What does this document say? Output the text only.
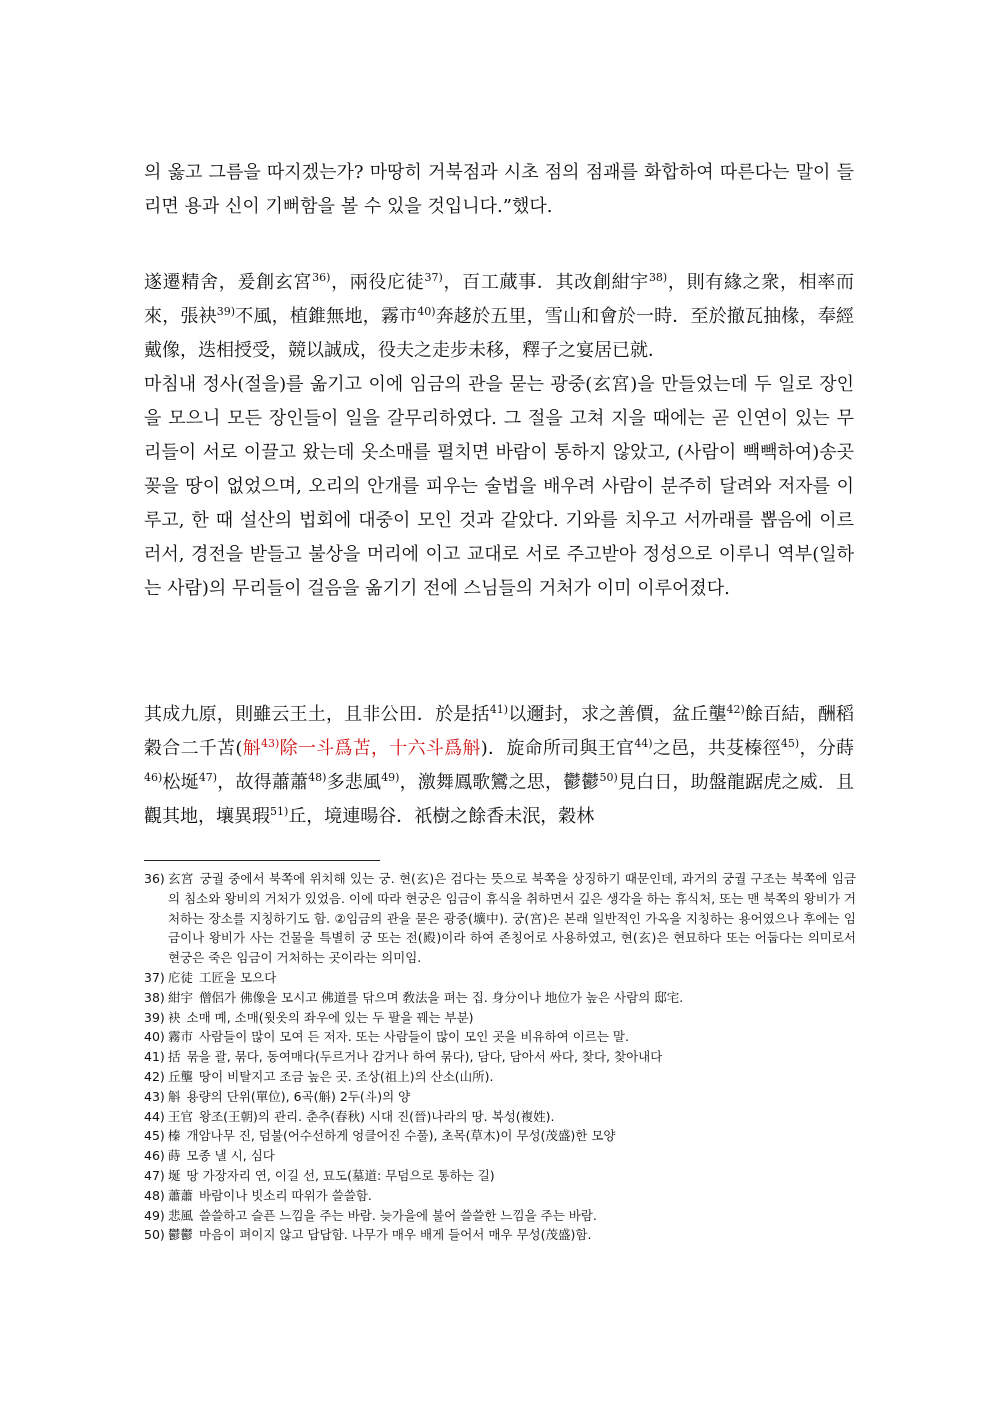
의 옳고 그름을 따지겠는가? 마땅히 거북점과 시초 점의 점괘를 화합하여 따른다는 말이 들리면 용과 신이 기뻐함을 볼 수 있을 것입니다.”했다.

遂遷精舍，爰創玄宮$^{36)}$，兩役庀徒$^{37)}$，百工蕆事．其改創紺宇$^{38)}$，則有緣之衆，相率而來，張袂$^{39)}$不風，植錐無地，霧市$^{40)}$奔趍於五里，雪山和會於一時．至於撤瓦抽椽，奉經戴像，迭相授受，競以誠成，役夫之走步未移，釋子之宴居已就．

마침내 정사(절을)를 옮기고 이에 임금의 관을 묻는 광중(玄宮)을 만들었는데 두 일로 장인을 모으니 모든 장인들이 일을 갈무리하였다. 그 절을 고쳐 지을 때에는 곧 인연이 있는 무리들이 서로 이끌고 왔는데 옷소매를 펼치면 바람이 통하지 않았고, (사람이 빽빽하여)송곳 꽂을 땅이 없었으며, 오리의 안개를 피우는 술법을 배우려 사람이 분주히 달려와 저자를 이루고, 한 때 설산의 법회에 대중이 모인 것과 같았다. 기와를 치우고 서까래를 뽑음에 이르러서, 경전을 받들고 불상을 머리에 이고 교대로 서로 주고받아 정성으로 이루니 역부(일하는 사람)의 무리들이 걸음을 옮기기 전에 스님들의 거처가 이미 이루어졌다.

其成九原，則雖云王土，且非公田．於是括$^{41)}$以邇封，求之善價，盆丘壟$^{42)}$餘百結，酬稻穀合二千苫(斛$^{43)}$除一斗爲苫，十六斗爲斛)．旋命所司與王官$^{44)}$之邑，共芟榛徑$^{45)}$，分蒔$^{46)}$松埏$^{47)}$，故得蕭蕭$^{48)}$多悲風$^{49)}$，激舞鳳歌鸞之思，鬱鬱$^{50)}$見白日，助盤龍踞虎之威．且觀其地，壤異瑕$^{51)}$丘，境連暘谷．祇樹之餘香未泯，穀林

36) 玄宮 궁궐 중에서 북쪽에 위치해 있는 궁. 현(玄)은 검다는 뜻으로 북쪽을 상징하기 때문인데, 과거의 궁궐 구조는 북쪽에 임금의 침소와 왕비의 거처가 있었음. 이에 따라 현궁은 임금이 휴식을 취하면서 깊은 생각을 하는 휴식처, 또는 맨 북쪽의 왕비가 거처하는 장소를 지칭하기도 함. ②임금의 관을 묻은 광중(壙中). 궁(宮)은 본래 일반적인 가옥을 지칭하는 용어였으나 후에는 임금이나 왕비가 사는 건물을 특별히 궁 또는 전(殿)이라 하여 존칭어로 사용하였고, 현(玄)은 현묘하다 또는 어둡다는 의미로서 현궁은 죽은 임금이 거처하는 곳이라는 의미임.
37) 庀徒 工匠을 모으다
38) 紺宇 僧侶가 佛像을 모시고 佛道를 닦으며 敎法을 펴는 집. 身分이나 地位가 높은 사람의 邸宅.
39) 袂 소매 몌, 소매(윗옷의 좌우에 있는 두 팔을 꿰는 부분)
40) 霧市 사람들이 많이 모여 든 저자. 또는 사람들이 많이 모인 곳을 비유하여 이르는 말.
41) 括 묶을 괄, 묶다, 동여매다(두르거나 감거나 하여 묶다), 담다, 담아서 싸다, 찾다, 찾아내다
42) 丘壟 땅이 비탈지고 조금 높은 곳. 조상(祖上)의 산소(山所).
43) 斛 용량의 단위(單位), 6곡(斛) 2두(斗)의 양
44) 王官 왕조(王朝)의 관리. 춘추(春秋) 시대 진(晉)나라의 땅. 복성(複姓).
45) 榛 개암나무 진, 덤불(어수선하게 엉클어진 수풀), 초목(草木)이 무성(茂盛)한 모양
46) 蒔 모종 낼 시, 심다
47) 埏 땅 가장자리 연, 이길 선, 묘도(墓道: 무덤으로 통하는 길)
48) 蕭蕭 바람이나 빗소리 따위가 쓸쓸함.
49) 悲風 쓸쓸하고 슬픈 느낌을 주는 바람. 늦가을에 불어 쓸쓸한 느낌을 주는 바람.
50) 鬱鬱 마음이 펴이지 않고 답답함. 나무가 매우 배게 들어서 매우 무성(茂盛)함.
